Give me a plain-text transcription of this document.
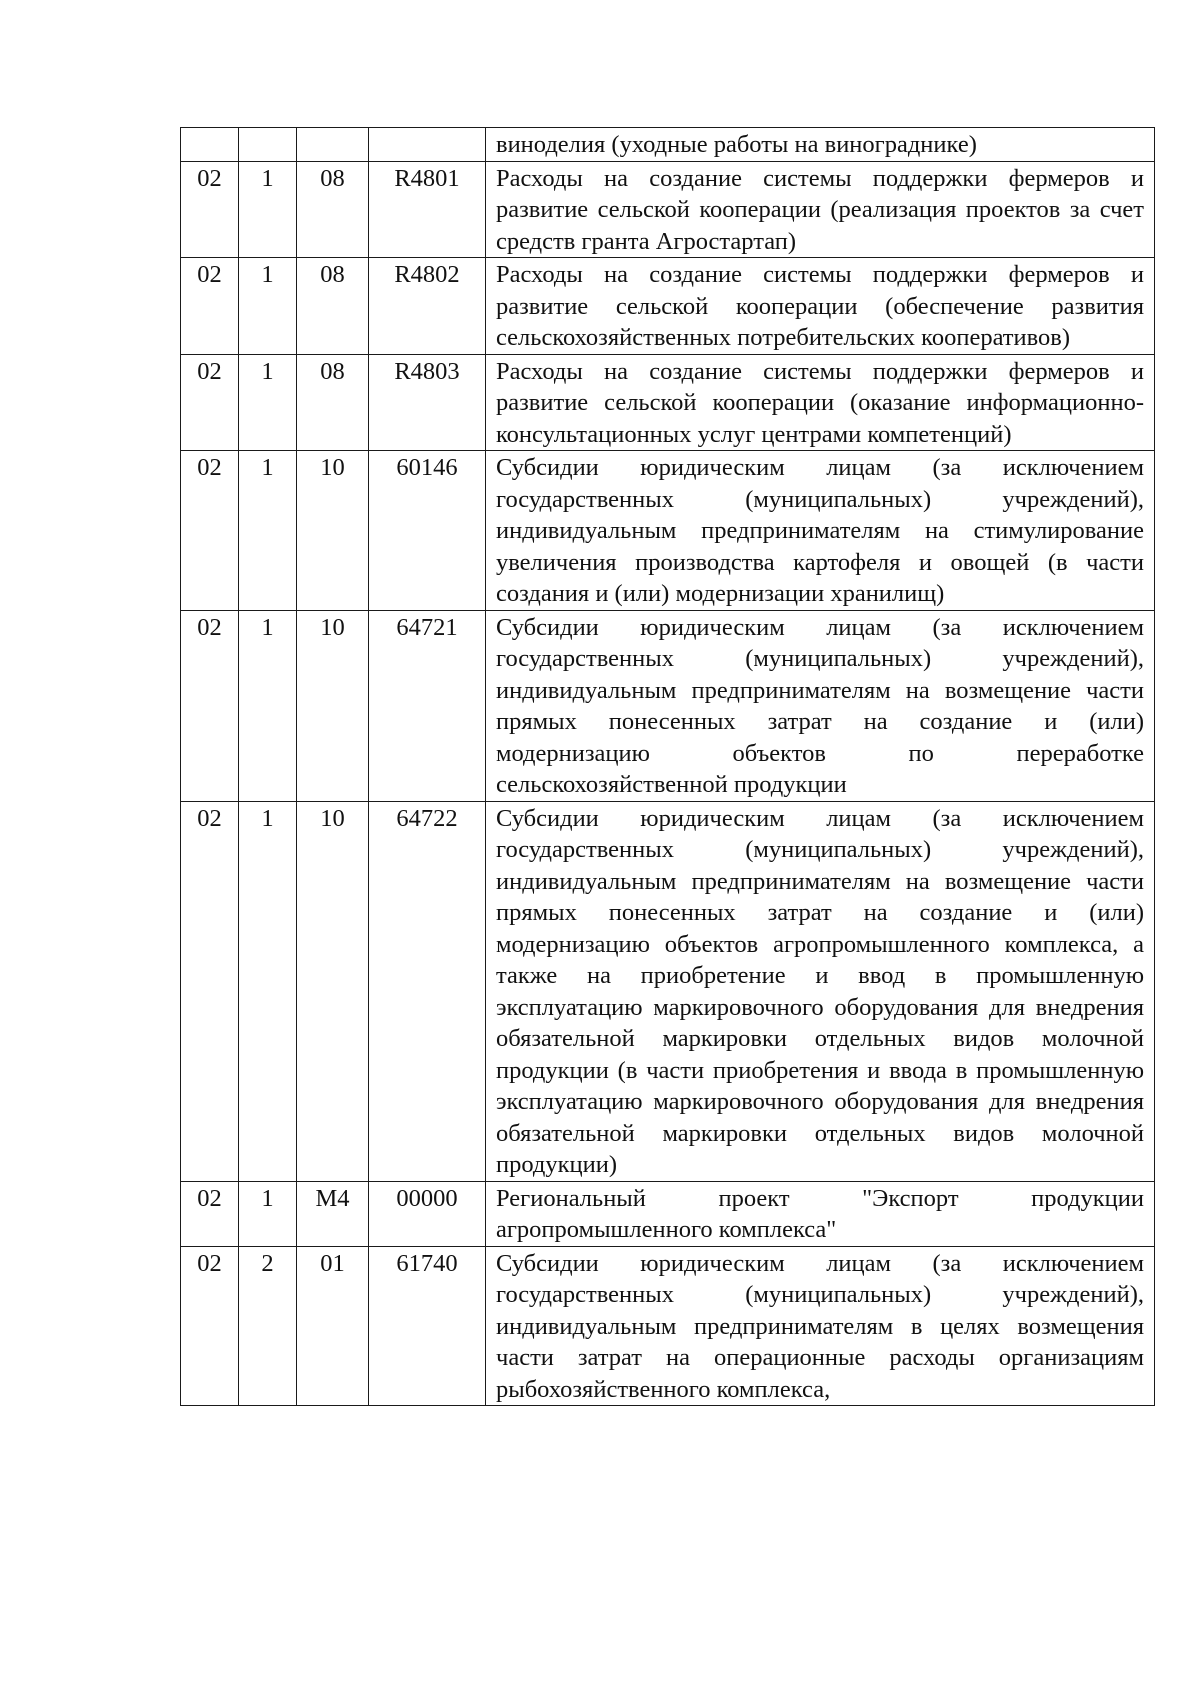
				виноделия (уходные работы на винограднике)
02	1	08	R4801	Расходы на создание системы поддержки фермеров и развитие сельской кооперации (реализация проектов за счет средств гранта Агростартап)
02	1	08	R4802	Расходы на создание системы поддержки фермеров и развитие сельской кооперации (обеспечение развития сельскохозяйственных потребительских кооперативов)
02	1	08	R4803	Расходы на создание системы поддержки фермеров и развитие сельской кооперации (оказание информационно-консультационных услуг центрами компетенций)
02	1	10	60146	Субсидии юридическим лицам (за исключением государственных (муниципальных) учреждений), индивидуальным предпринимателям на стимулирование увеличения производства картофеля и овощей (в части создания и (или) модернизации хранилищ)
02	1	10	64721	Субсидии юридическим лицам (за исключением государственных (муниципальных) учреждений), индивидуальным предпринимателям на возмещение части прямых понесенных затрат на создание и (или) модернизацию объектов по переработке сельскохозяйственной продукции
02	1	10	64722	Субсидии юридическим лицам (за исключением государственных (муниципальных) учреждений), индивидуальным предпринимателям на возмещение части прямых понесенных затрат на создание и (или) модернизацию объектов агропромышленного комплекса, а также на приобретение и ввод в промышленную эксплуатацию маркировочного оборудования для внедрения обязательной маркировки отдельных видов молочной продукции (в части приобретения и ввода в промышленную эксплуатацию маркировочного оборудования для внедрения обязательной маркировки отдельных видов молочной продукции)
02	1	М4	00000	Региональный проект "Экспорт продукции агропромышленного комплекса"
02	2	01	61740	Субсидии юридическим лицам (за исключением государственных (муниципальных) учреждений), индивидуальным предпринимателям в целях возмещения части затрат на операционные расходы организациям рыбохозяйственного комплекса,
